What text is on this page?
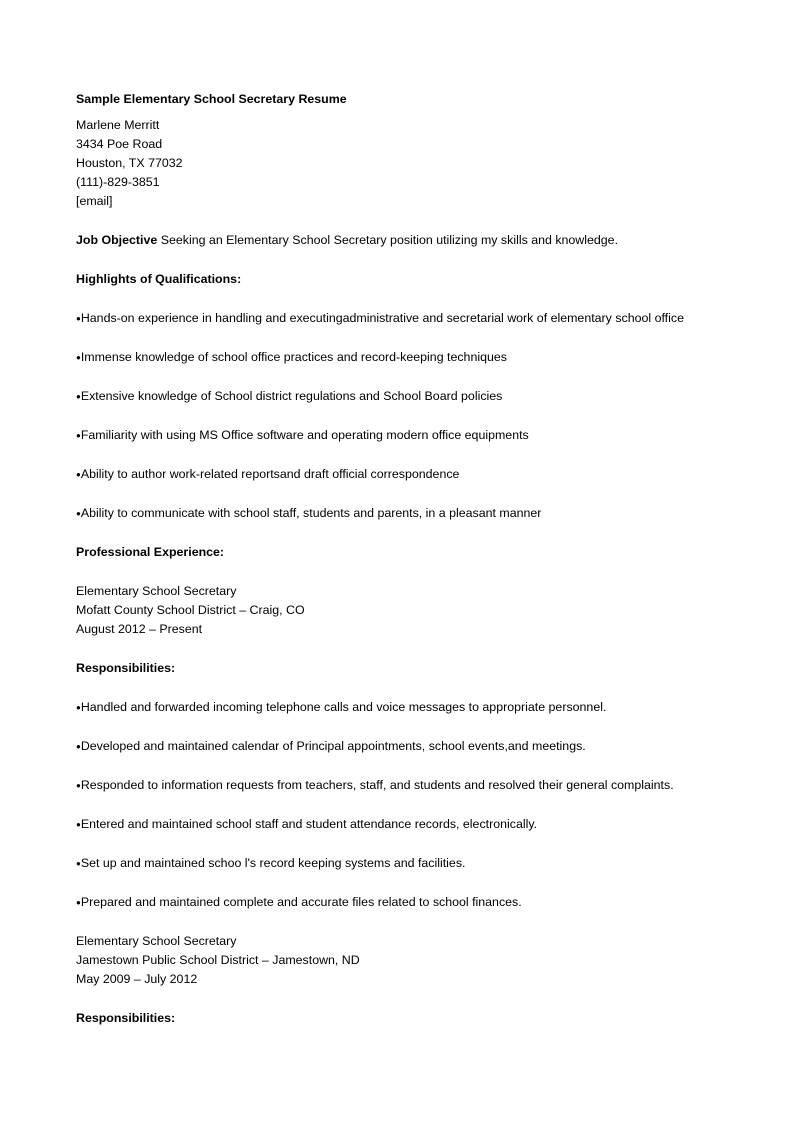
Sample Elementary School Secretary Resume
Marlene Merritt
3434 Poe Road
Houston, TX 77032
(111)-829-3851
[email]
Job Objective Seeking an Elementary School Secretary position utilizing my skills and knowledge.
Highlights of Qualifications:
●Hands-on experience in handling and executingadministrative and secretarial work of elementary school office
●Immense knowledge of school office practices and record-keeping techniques
●Extensive knowledge of School district regulations and School Board policies
●Familiarity with using MS Office software and operating modern office equipments
●Ability to author work-related reportsand draft official correspondence
●Ability to communicate with school staff, students and parents, in a pleasant manner
Professional Experience:
Elementary School Secretary
Mofatt County School District – Craig, CO
August 2012 – Present
Responsibilities:
●Handled and forwarded incoming telephone calls and voice messages to appropriate personnel.
●Developed and maintained calendar of Principal appointments, school events,and meetings.
●Responded to information requests from teachers, staff, and students and resolved their general complaints.
●Entered and maintained school staff and student attendance records, electronically.
●Set up and maintained schoo l's record keeping systems and facilities.
●Prepared and maintained complete and accurate files related to school finances.
Elementary School Secretary
Jamestown Public School District – Jamestown, ND
May 2009 – July 2012
Responsibilities:
